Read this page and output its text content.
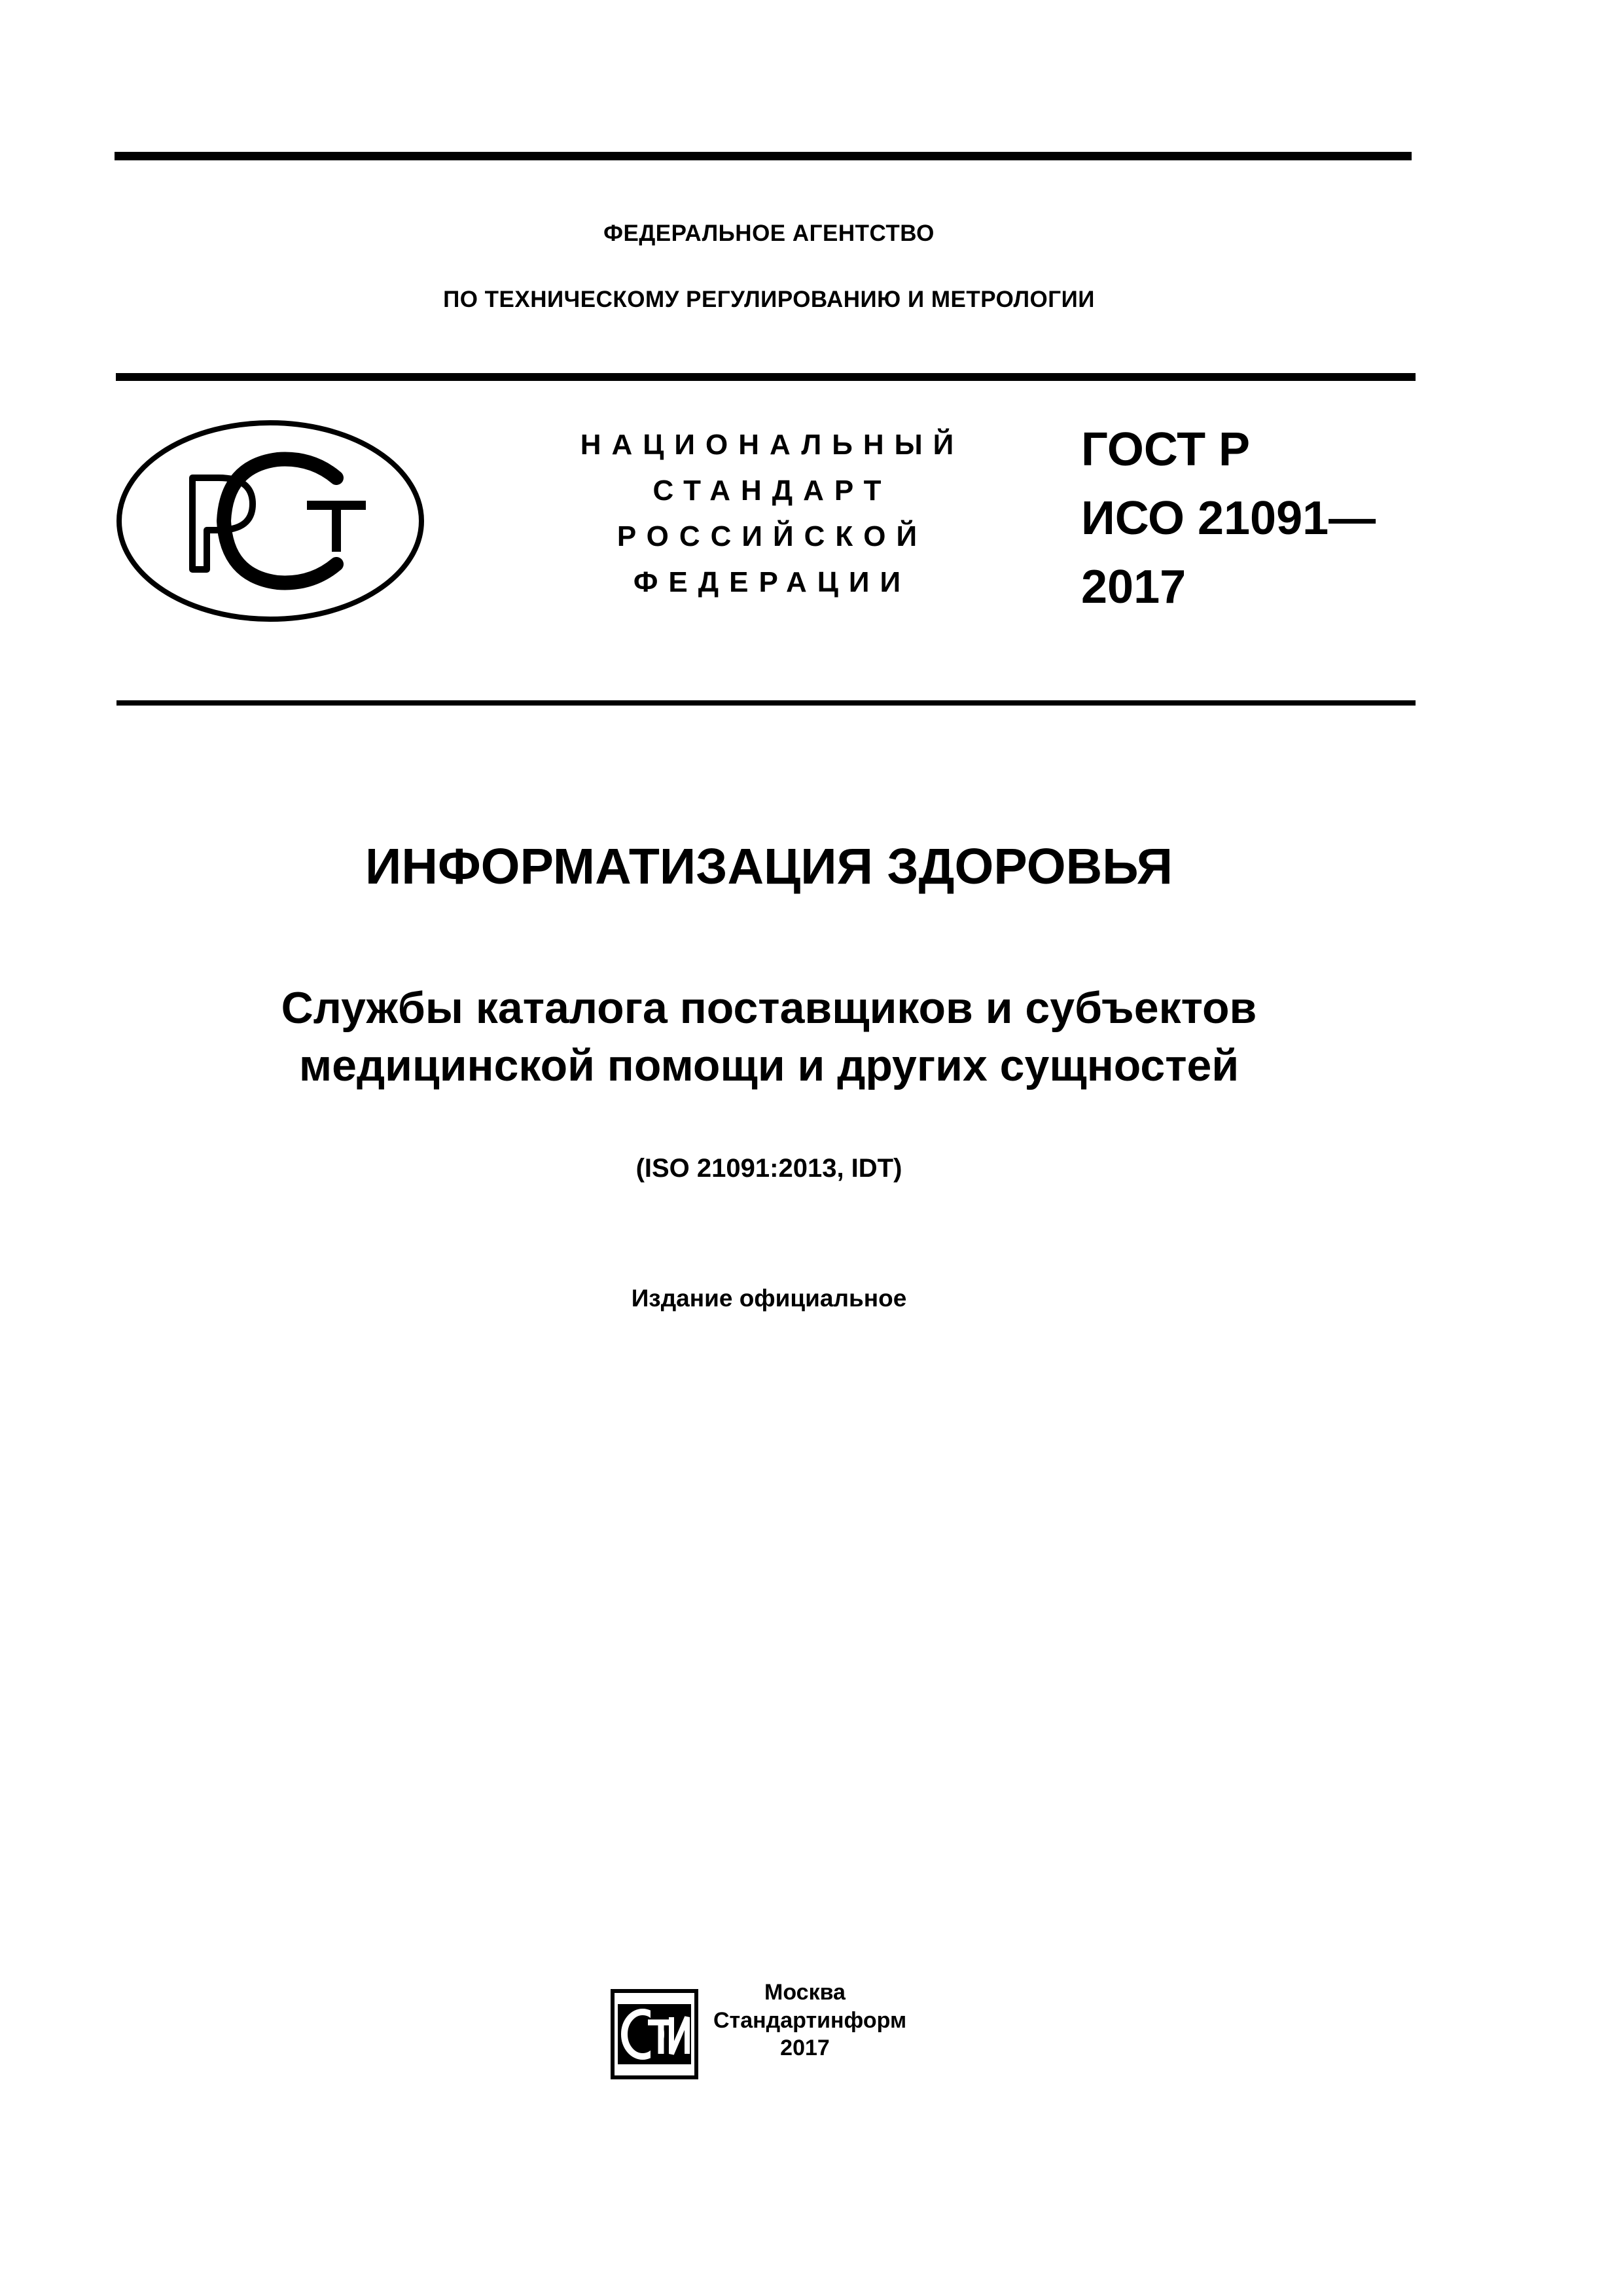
ФЕДЕРАЛЬНОЕ АГЕНТСТВО
ПО ТЕХНИЧЕСКОМУ РЕГУЛИРОВАНИЮ И МЕТРОЛОГИИ
НАЦИОНАЛЬНЫЙ
СТАНДАРТ
РОССИЙСКОЙ
ФЕДЕРАЦИИ
ГОСТ Р
ИСО 21091—
2017
ИНФОРМАТИЗАЦИЯ ЗДОРОВЬЯ
Службы каталога поставщиков и субъектов
медицинской помощи и других сущностей
(ISO 21091:2013, IDT)
Издание официальное
Москва
Стандартинформ
2017
